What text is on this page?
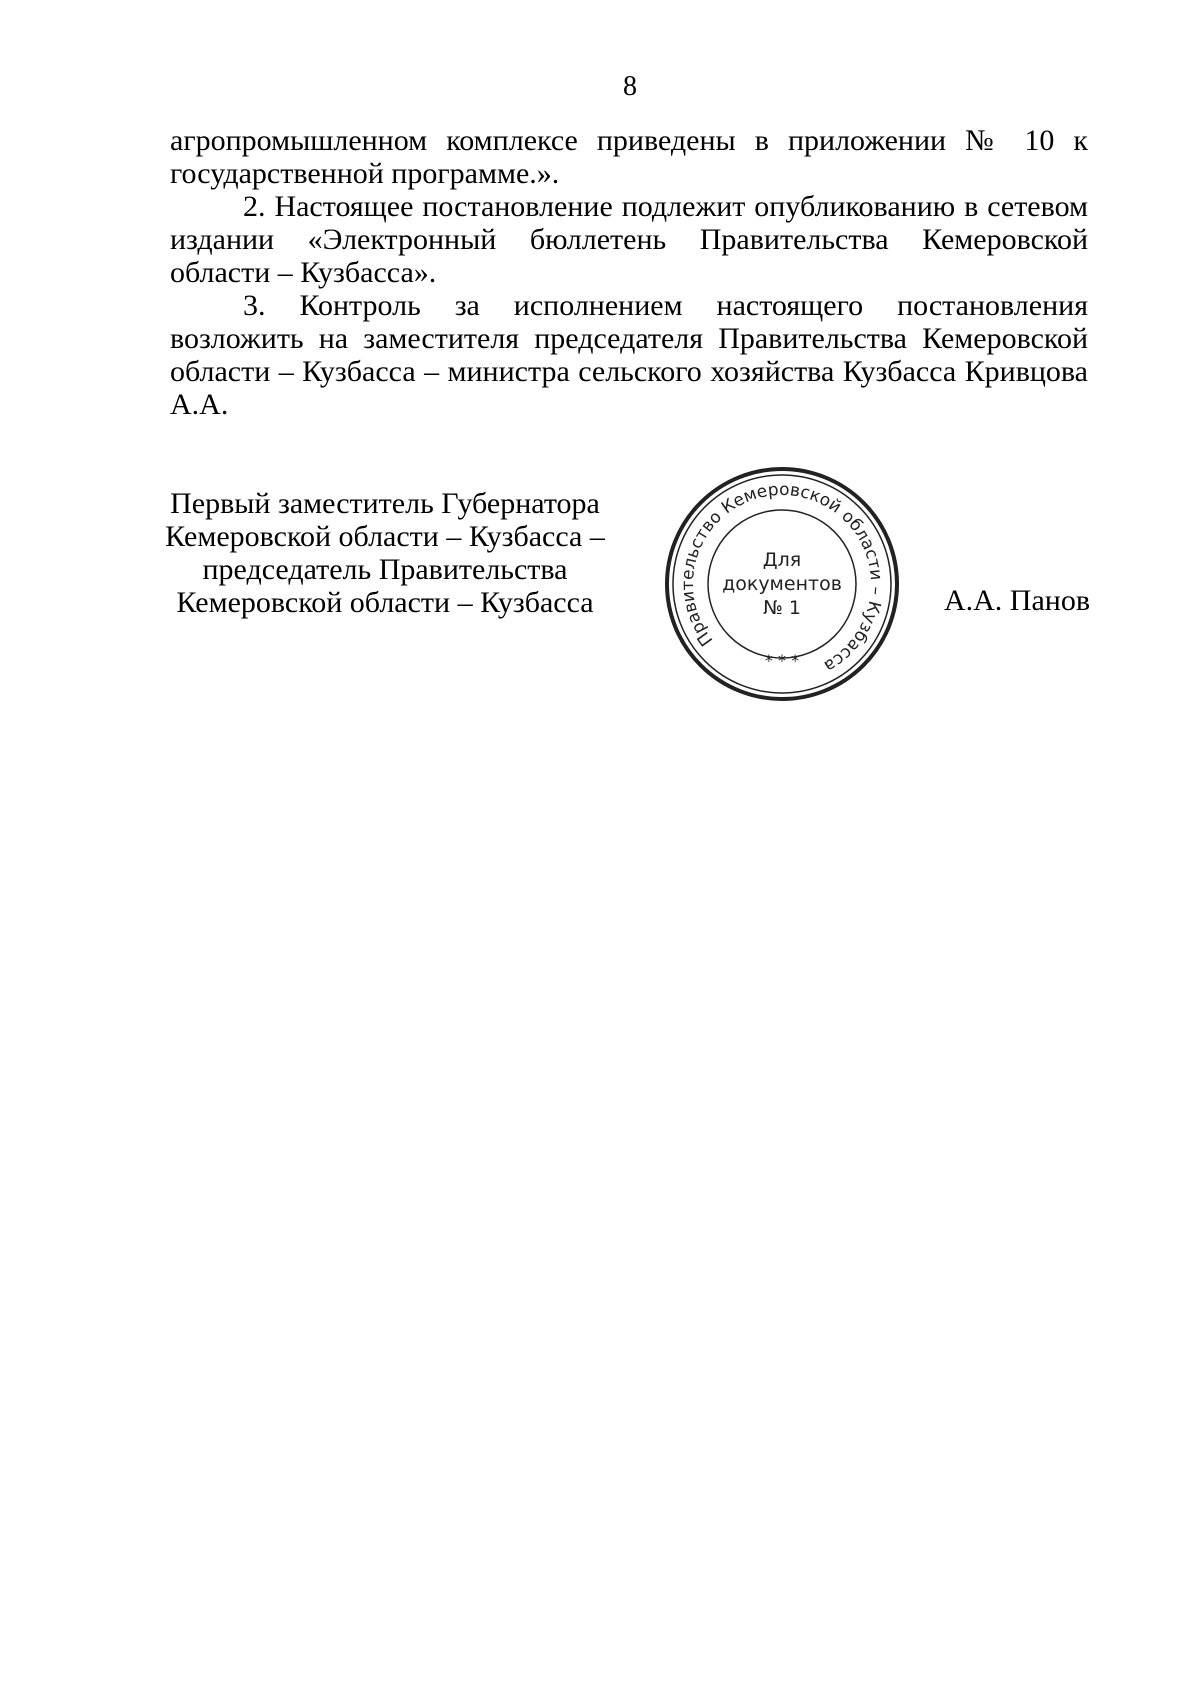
8

агропромышленном комплексе приведены в приложении № 10 к государственной программе.».

2. Настоящее постановление подлежит опубликованию в сетевом издании «Электронный бюллетень Правительства Кемеровской области – Кузбасса».

3. Контроль за исполнением настоящего постановления возложить на заместителя председателя Правительства Кемеровской области – Кузбасса – министра сельского хозяйства Кузбасса Кривцова А.А.

Первый заместитель Губернатора
Кемеровской области – Кузбасса –
председатель Правительства
Кемеровской области – Кузбасса
Правительство Кемеровской области – Кузбасса
* * *
Для
документов
№ 1	А.А. Панов
